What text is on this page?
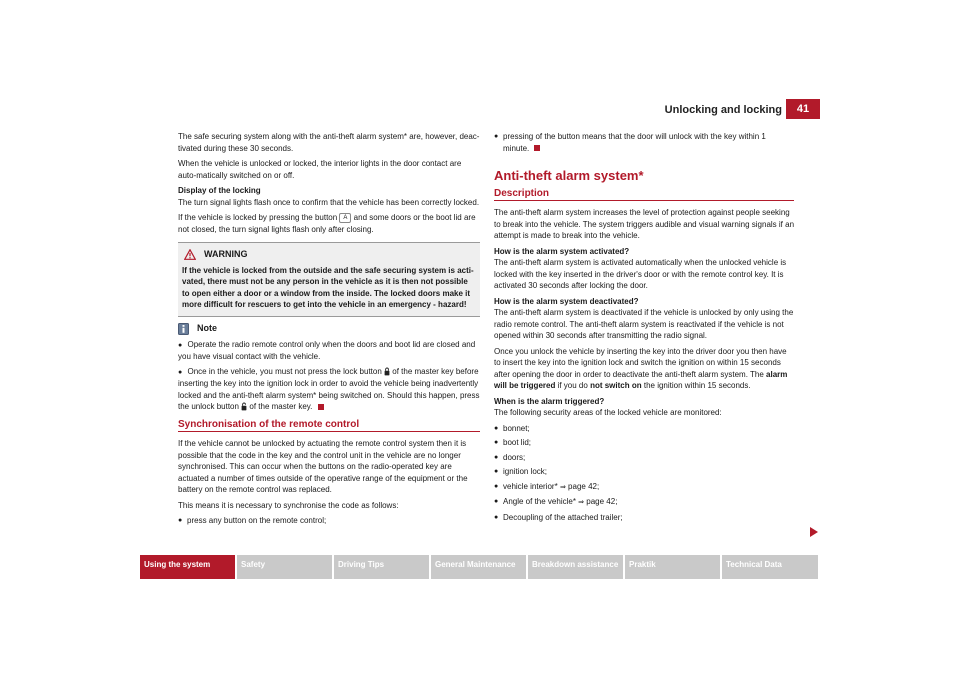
Unlocking and locking	41

The safe securing system along with the anti-theft alarm system* are, however, deac-tivated during these 30 seconds.

When the vehicle is unlocked or locked, the interior lights in the door contact are auto-matically switched on or off.

Display of the locking

The turn signal lights flash once to confirm that the vehicle has been correctly locked.

If the vehicle is locked by pressing the button A and some doors or the boot lid are not closed, the turn signal lights flash only after closing.

WARNING
If the vehicle is locked from the outside and the safe securing system is acti-vated, there must not be any person in the vehicle as it is then not possible to open either a door or a window from the inside. The locked doors make it more difficult for rescuers to get into the vehicle in an emergency - hazard!
Note

● Operate the radio remote control only when the doors and boot lid are closed and you have visual contact with the vehicle.

● Once in the vehicle, you must not press the lock button of the master key before inserting the key into the ignition lock in order to avoid the vehicle being inadvertently locked and the anti-theft alarm system* being switched on. Should this happen, press the unlock button of the master key.

Synchronisation of the remote control

If the vehicle cannot be unlocked by actuating the remote control system then it is possible that the code in the key and the control unit in the vehicle are no longer synchronised. This can occur when the buttons on the radio-operated key are actuated a number of times outside of the operative range of the equipment or the battery on the remote control was replaced.

This means it is necessary to synchronise the code as follows:

● press any button on the remote control;

● pressing of the button means that the door will unlock with the key within 1 minute.

Anti-theft alarm system*
Description

The anti-theft alarm system increases the level of protection against people seeking to break into the vehicle. The system triggers audible and visual warning signals if an attempt is made to break into the vehicle.

How is the alarm system activated?

The anti-theft alarm system is activated automatically when the unlocked vehicle is locked with the key inserted in the driver's door or with the remote control key. It is activated 30 seconds after locking the door.

How is the alarm system deactivated?

The anti-theft alarm system is deactivated if the vehicle is unlocked by only using the radio remote control. The anti-theft alarm system is reactivated if the vehicle is not opened within 30 seconds after transmitting the radio signal.

Once you unlock the vehicle by inserting the key into the driver door you then have to insert the key into the ignition lock and switch the ignition on within 15 seconds after opening the door in order to deactivate the anti-theft alarm system. The alarm will be triggered if you do not switch on the ignition within 15 seconds.

When is the alarm triggered?

The following security areas of the locked vehicle are monitored:

● bonnet;

● boot lid;

● doors;

● ignition lock;

● vehicle interior* ⇒ page 42;

● Angle of the vehicle* ⇒ page 42;

● Decoupling of the attached trailer;

Using the system	Safety	Driving Tips	General Maintenance	Breakdown assistance	Praktik	Technical Data
